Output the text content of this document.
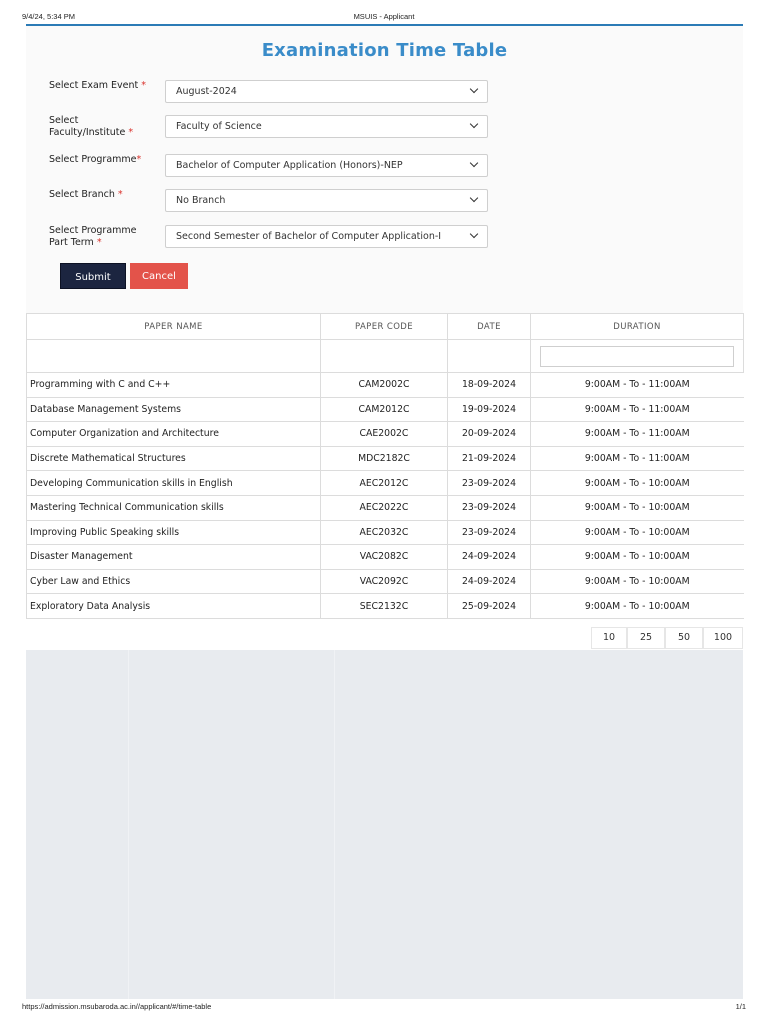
9/4/24, 5:34 PM	MSUIS - Applicant
Examination Time Table
Select Exam Event *
August-2024
Select
Faculty/Institute *
Faculty of Science
Select Programme*
Bachelor of Computer Application (Honors)-NEP
Select Branch *
No Branch
Select Programme
Part Term *
Second Semester of Bachelor of Computer Application-I
Submit	Cancel
PAPER NAME	PAPER CODE	DATE	DURATION

Programming with C and C++	CAM2002C	18-09-2024	9:00AM - To - 11:00AM
Database Management Systems	CAM2012C	19-09-2024	9:00AM - To - 11:00AM
Computer Organization and Architecture	CAE2002C	20-09-2024	9:00AM - To - 11:00AM
Discrete Mathematical Structures	MDC2182C	21-09-2024	9:00AM - To - 11:00AM
Developing Communication skills in English	AEC2012C	23-09-2024	9:00AM - To - 10:00AM
Mastering Technical Communication skills	AEC2022C	23-09-2024	9:00AM - To - 10:00AM
Improving Public Speaking skills	AEC2032C	23-09-2024	9:00AM - To - 10:00AM
Disaster Management	VAC2082C	24-09-2024	9:00AM - To - 10:00AM
Cyber Law and Ethics	VAC2092C	24-09-2024	9:00AM - To - 10:00AM
Exploratory Data Analysis	SEC2132C	25-09-2024	9:00AM - To - 10:00AM
10	25	50	100
https://admission.msubaroda.ac.in//applicant/#/time-table	1/1
